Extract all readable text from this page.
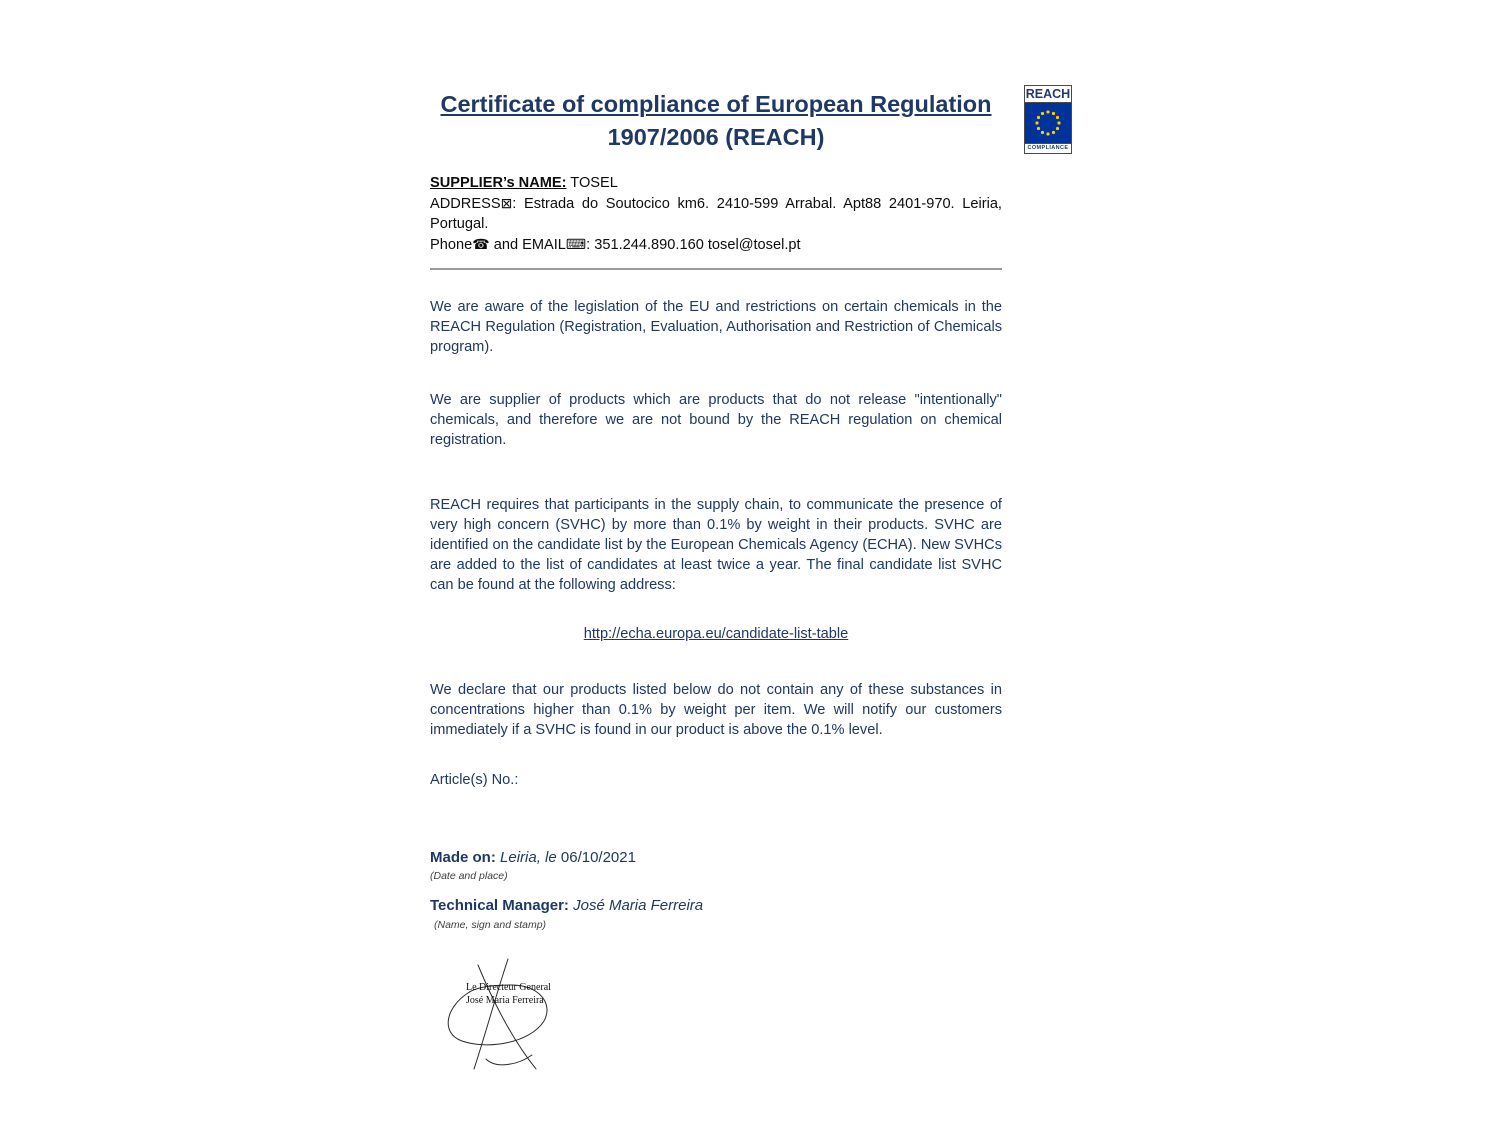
REACH
COMPLIANCE
Certificate of compliance of European Regulation
1907/2006 (REACH)

SUPPLIER’s NAME: TOSEL

ADDRESS⊠: Estrada do Soutocico km6. 2410-599 Arrabal. Apt88 2401-970. Leiria, Portugal.

Phone☎ and EMAIL⌨: 351.244.890.160 tosel@tosel.pt

We are aware of the legislation of the EU and restrictions on certain chemicals in the REACH Regulation (Registration, Evaluation, Authorisation and Restriction of Chemicals program).

We are supplier of products which are products that do not release "intentionally" chemicals, and therefore we are not bound by the REACH regulation on chemical registration.

REACH requires that participants in the supply chain, to communicate the presence of very high concern (SVHC) by more than 0.1% by weight in their products. SVHC are identified on the candidate list by the European Chemicals Agency (ECHA). New SVHCs are added to the list of candidates at least twice a year. The final candidate list SVHC can be found at the following address:

http://echa.europa.eu/candidate-list-table

We declare that our products listed below do not contain any of these substances in concentrations higher than 0.1% by weight per item. We will notify our customers immediately if a SVHC is found in our product is above the 0.1% level.

Article(s) No.:

Made on: Leiria, le 06/10/2021

(Date and place)

Technical Manager: José Maria Ferreira

(Name, sign and stamp)

Le Directeur General
José Maria Ferreira
